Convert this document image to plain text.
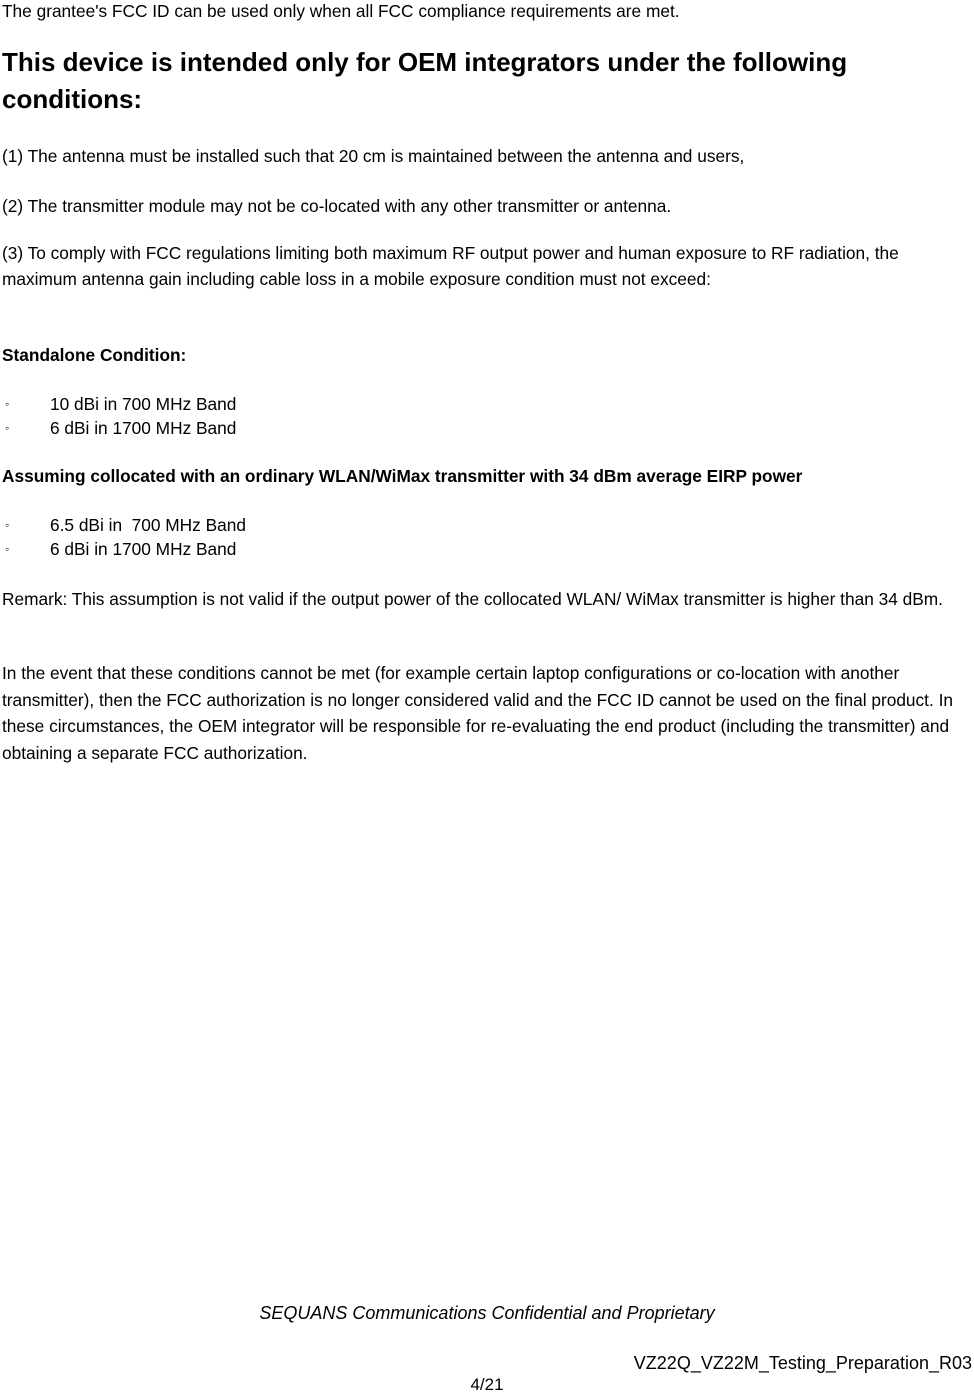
The grantee's FCC ID can be used only when all FCC compliance requirements are met.

This device is intended only for OEM integrators under the following conditions:

(1) The antenna must be installed such that 20 cm is maintained between the antenna and users,

(2) The transmitter module may not be co-located with any other transmitter or antenna.

(3) To comply with FCC regulations limiting both maximum RF output power and human exposure to RF radiation, the maximum antenna gain including cable loss in a mobile exposure condition must not exceed:

Standalone Condition:

◦ 10 dBi in 700 MHz Band
◦ 6 dBi in 1700 MHz Band

Assuming collocated with an ordinary WLAN/WiMax transmitter with 34 dBm average EIRP power

◦ 6.5 dBi in  700 MHz Band
◦ 6 dBi in 1700 MHz Band

Remark: This assumption is not valid if the output power of the collocated WLAN/ WiMax transmitter is higher than 34 dBm.

In the event that these conditions cannot be met (for example certain laptop configurations or co-location with another transmitter), then the FCC authorization is no longer considered valid and the FCC ID cannot be used on the final product. In these circumstances, the OEM integrator will be responsible for re-evaluating the end product (including the transmitter) and obtaining a separate FCC authorization.

SEQUANS Communications Confidential and Proprietary
VZ22Q_VZ22M_Testing_Preparation_R03
4/21
